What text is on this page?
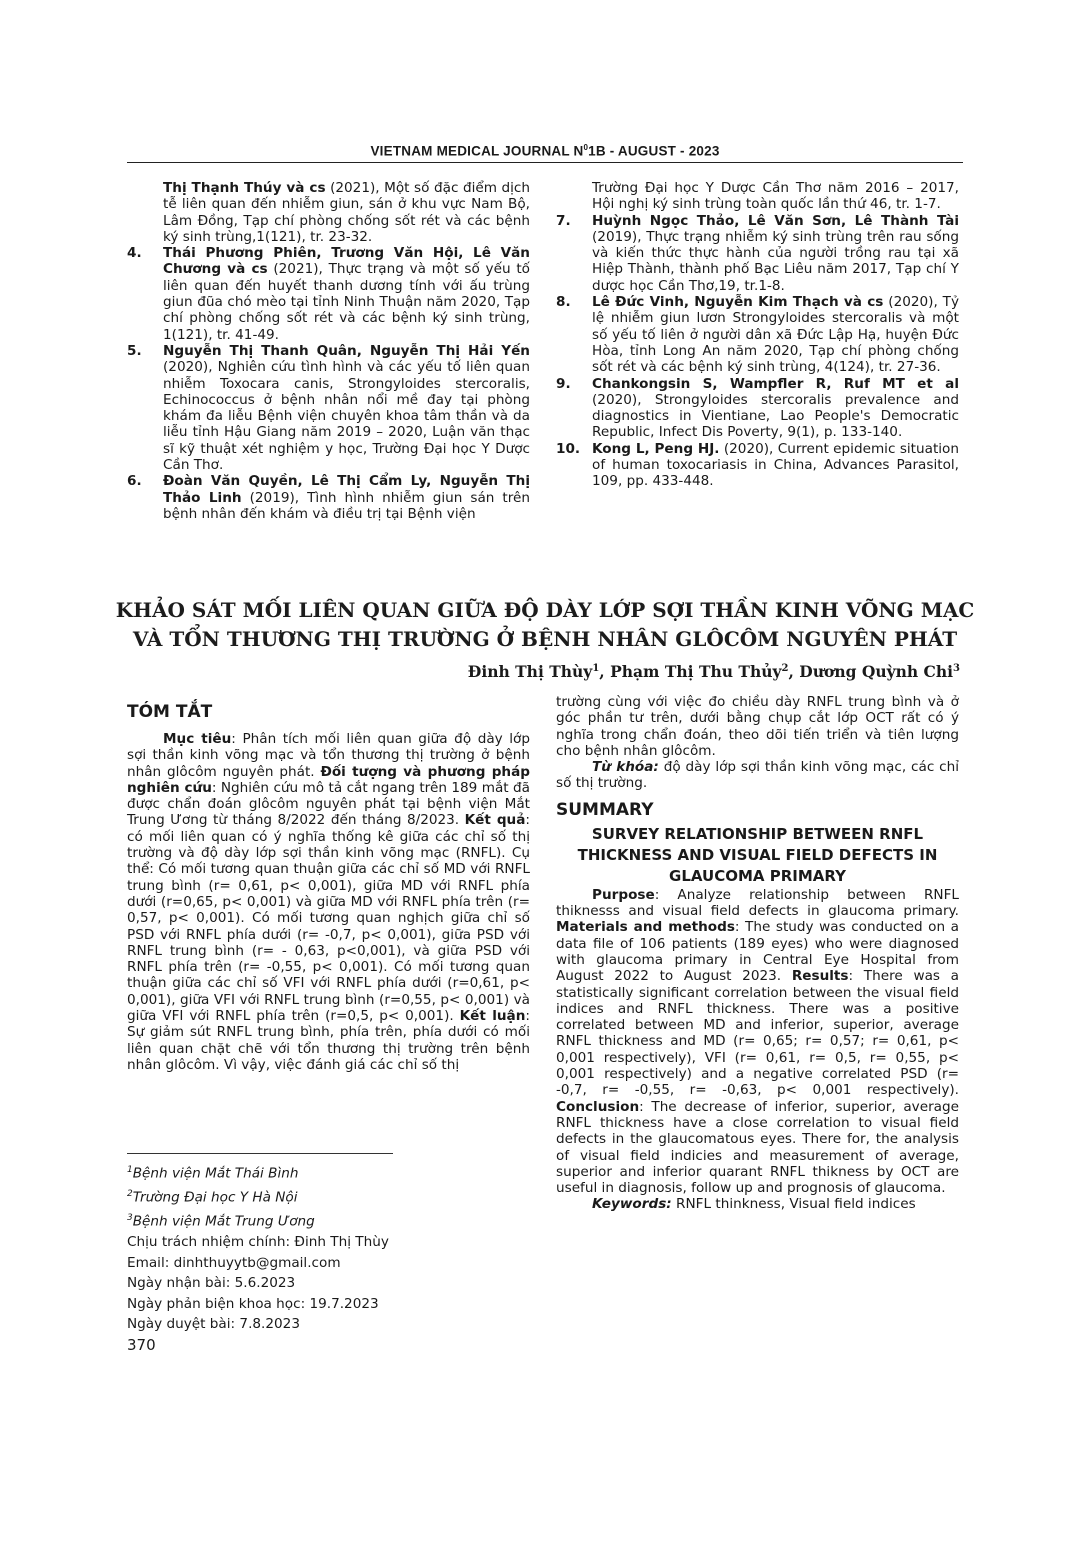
VIETNAM MEDICAL JOURNAL $N^01B$ - AUGUST - 2023
Thị Thạnh Thúy và cs (2021), Một số đặc điểm dịch tễ liên quan đến nhiễm giun, sán ở khu vực Nam Bộ, Lâm Đồng, Tạp chí phòng chống sốt rét và các bệnh ký sinh trùng,1(121), tr. 23-32.
4. Thái Phương Phiên, Trương Văn Hội, Lê Văn Chương và cs (2021), Thực trạng và một số yếu tố liên quan đến huyết thanh dương tính với ấu trùng giun đũa chó mèo tại tỉnh Ninh Thuận năm 2020, Tạp chí phòng chống sốt rét và các bệnh ký sinh trùng, 1(121), tr. 41-49.
5. Nguyễn Thị Thanh Quân, Nguyễn Thị Hải Yến (2020), Nghiên cứu tình hình và các yếu tố liên quan nhiễm Toxocara canis, Strongyloides stercoralis, Echinococcus ở bệnh nhân nổi mề đay tại phòng khám đa liễu Bệnh viện chuyên khoa tâm thần và da liễu tỉnh Hậu Giang năm 2019 – 2020, Luận văn thạc sĩ kỹ thuật xét nghiệm y học, Trường Đại học Y Dược Cần Thơ.
6. Đoàn Văn Quyền, Lê Thị Cẩm Ly, Nguyễn Thị Thảo Linh (2019), Tình hình nhiễm giun sán trên bệnh nhân đến khám và điều trị tại Bệnh viện
Trường Đại học Y Dược Cần Thơ năm 2016 – 2017, Hội nghị ký sinh trùng toàn quốc lần thứ 46, tr. 1-7.
7. Huỳnh Ngọc Thảo, Lê Văn Sơn, Lê Thành Tài (2019), Thực trạng nhiễm ký sinh trùng trên rau sống và kiến thức thực hành của người trồng rau tại xã Hiệp Thành, thành phố Bạc Liêu năm 2017, Tạp chí Y dược học Cần Thơ,19, tr.1-8.
8. Lê Đức Vinh, Nguyễn Kim Thạch và cs (2020), Tỷ lệ nhiễm giun lươn Strongyloides stercoralis và một số yếu tố liên ở người dân xã Đức Lập Hạ, huyện Đức Hòa, tỉnh Long An năm 2020, Tạp chí phòng chống sốt rét và các bệnh ký sinh trùng, 4(124), tr. 27-36.
9. Chankongsin S, Wampfler R, Ruf MT et al (2020), Strongyloides stercoralis prevalence and diagnostics in Vientiane, Lao People's Democratic Republic, Infect Dis Poverty, 9(1), p. 133-140.
10. Kong L, Peng HJ. (2020), Current epidemic situation of human toxocariasis in China, Advances Parasitol, 109, pp. 433-448.
KHẢO SÁT MỐI LIÊN QUAN GIỮA ĐỘ DÀY LỚP SỢI THẦN KINH VÕNG MẠC
VÀ TỔN THƯƠNG THỊ TRƯỜNG Ở BỆNH NHÂN GLÔCÔM NGUYÊN PHÁT
Đinh Thị Thùy$^1$, Phạm Thị Thu Thủy$^2$, Dương Quỳnh Chi$^3$
TÓM TẮT

Mục tiêu: Phân tích mối liên quan giữa độ dày lớp sợi thần kinh võng mạc và tổn thương thị trường ở bệnh nhân glôcôm nguyên phát. Đối tượng và phương pháp nghiên cứu: Nghiên cứu mô tả cắt ngang trên 189 mắt đã được chẩn đoán glôcôm nguyên phát tại bệnh viện Mắt Trung Ương từ tháng 8/2022 đến tháng 8/2023. Kết quả: có mối liên quan có ý nghĩa thống kê giữa các chỉ số thị trường và độ dày lớp sợi thần kinh võng mạc (RNFL). Cụ thể: Có mối tương quan thuận giữa các chỉ số MD với RNFL trung bình (r= 0,61, p< 0,001), giữa MD với RNFL phía dưới (r=0,65, p< 0,001) và giữa MD với RNFL phía trên (r= 0,57, p< 0,001). Có mối tương quan nghịch giữa chỉ số PSD với RNFL phía dưới (r= -0,7, p< 0,001), giữa PSD với RNFL trung bình (r= - 0,63, p<0,001), và giữa PSD với RNFL phía trên (r= -0,55, p< 0,001). Có mối tương quan thuận giữa các chỉ số VFI với RNFL phía dưới (r=0,61, p< 0,001), giữa VFI với RNFL trung bình (r=0,55, p< 0,001) và giữa VFI với RNFL phía trên (r=0,5, p< 0,001). Kết luận: Sự giảm sút RNFL trung bình, phía trên, phía dưới có mối liên quan chặt chẽ với tổn thương thị trường trên bệnh nhân glôcôm. Vì vậy, việc đánh giá các chỉ số thị

trường cùng với việc đo chiều dày RNFL trung bình và ở góc phần tư trên, dưới bằng chụp cắt lớp OCT rất có ý nghĩa trong chẩn đoán, theo dõi tiến triển và tiên lượng cho bệnh nhân glôcôm.

Từ khóa: độ dày lớp sợi thần kinh võng mạc, các chỉ số thị trường.

SUMMARY
SURVEY RELATIONSHIP BETWEEN RNFL THICKNESS AND VISUAL FIELD DEFECTS IN GLAUCOMA PRIMARY

Purpose: Analyze relationship between RNFL thiknesss and visual field defects in glaucoma primary. Materials and methods: The study was conducted on a data file of 106 patients (189 eyes) who were diagnosed with glaucoma primary in Central Eye Hospital from August 2022 to August 2023. Results: There was a statistically significant correlation between the visual field indices and RNFL thickness. There was a positive correlated between MD and inferior, superior, average RNFL thickness and MD (r= 0,65; r= 0,57; r= 0,61, p< 0,001 respectively), VFI (r= 0,61, r= 0,5, r= 0,55, p< 0,001 respectively) and a negative correlated PSD (r= -0,7, r= -0,55, r= -0,63, p< 0,001 respectively). Conclusion: The decrease of inferior, superior, average RNFL thickness have a close correlation to visual field defects in the glaucomatous eyes. There for, the analysis of visual field indicies and measurement of average, superior and inferior quarant RNFL thikness by OCT are useful in diagnosis, follow up and prognosis of glaucoma.

Keywords: RNFL thinkness, Visual field indices

$^1$Bệnh viện Mắt Thái Bình
$^2$Trường Đại học Y Hà Nội
$^3$Bệnh viện Mắt Trung Ương
Chịu trách nhiệm chính: Đinh Thị Thùy
Email: dinhthuyytb@gmail.com
Ngày nhận bài: 5.6.2023
Ngày phản biện khoa học: 19.7.2023
Ngày duyệt bài: 7.8.2023
370
